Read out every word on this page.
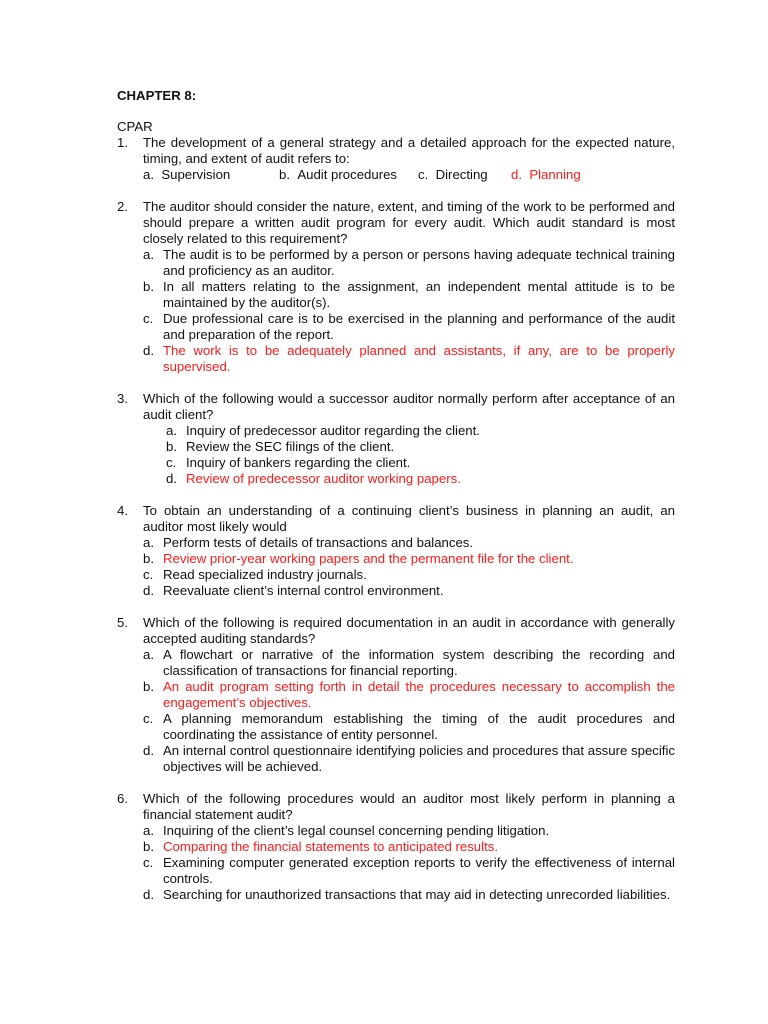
CHAPTER 8:
CPAR
1. The development of a general strategy and a detailed approach for the expected nature, timing, and extent of audit refers to:
a. Supervision	b. Audit procedures	c. Directing	d. Planning
2. The auditor should consider the nature, extent, and timing of the work to be performed and should prepare a written audit program for every audit. Which audit standard is most closely related to this requirement?
a. The audit is to be performed by a person or persons having adequate technical training and proficiency as an auditor.
b. In all matters relating to the assignment, an independent mental attitude is to be maintained by the auditor(s).
c. Due professional care is to be exercised in the planning and performance of the audit and preparation of the report.
d. The work is to be adequately planned and assistants, if any, are to be properly supervised.
3. Which of the following would a successor auditor normally perform after acceptance of an audit client?
a. Inquiry of predecessor auditor regarding the client.
b. Review the SEC filings of the client.
c. Inquiry of bankers regarding the client.
d. Review of predecessor auditor working papers.
4. To obtain an understanding of a continuing client’s business in planning an audit, an auditor most likely would
a. Perform tests of details of transactions and balances.
b. Review prior-year working papers and the permanent file for the client.
c. Read specialized industry journals.
d. Reevaluate client’s internal control environment.
5. Which of the following is required documentation in an audit in accordance with generally accepted auditing standards?
a. A flowchart or narrative of the information system describing the recording and classification of transactions for financial reporting.
b. An audit program setting forth in detail the procedures necessary to accomplish the engagement’s objectives.
c. A planning memorandum establishing the timing of the audit procedures and coordinating the assistance of entity personnel.
d. An internal control questionnaire identifying policies and procedures that assure specific objectives will be achieved.
6. Which of the following procedures would an auditor most likely perform in planning a financial statement audit?
a. Inquiring of the client’s legal counsel concerning pending litigation.
b. Comparing the financial statements to anticipated results.
c. Examining computer generated exception reports to verify the effectiveness of internal controls.
d. Searching for unauthorized transactions that may aid in detecting unrecorded liabilities.
